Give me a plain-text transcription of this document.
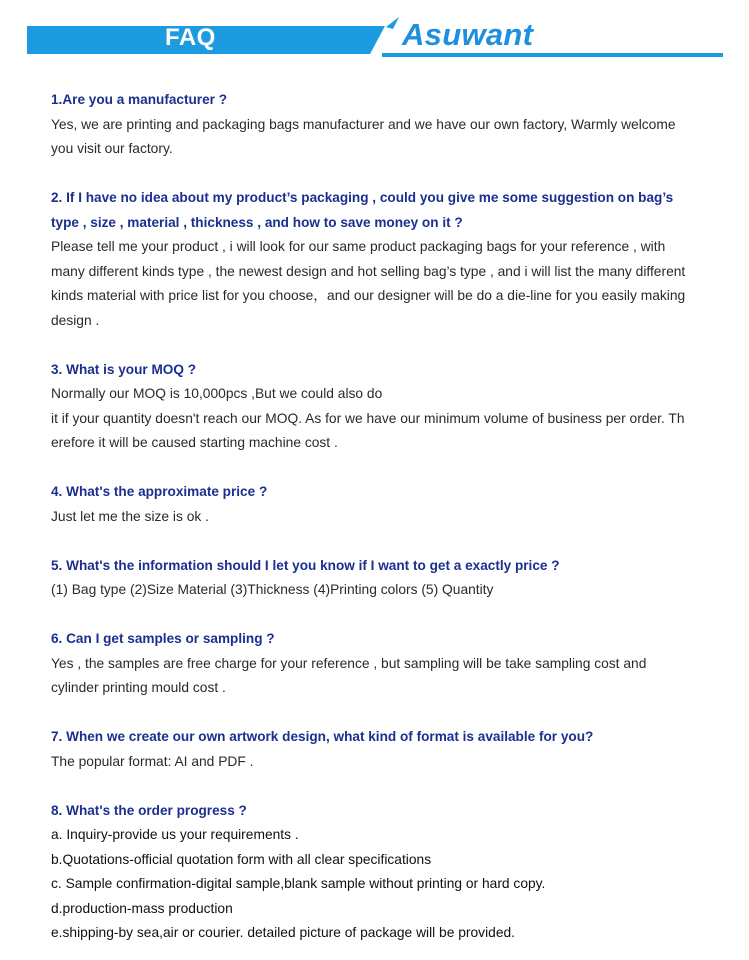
FAQ	Asuwant

1.Are you a manufacturer ?

Yes, we are printing and packaging bags manufacturer and we have our own factory, Warmly welcome

you visit our factory.

2. If I have no idea about my product’s packaging , could you give me some suggestion on bag’s

type , size , material , thickness , and how to save money on it ?

Please tell me your product , i will look for our same product packaging bags for your reference , with

many different kinds type , the newest design and hot selling bag’s type , and i will list the many different

kinds material with price list for you choose，and our designer will be do a die-line for you easily making

design .

3. What is your MOQ ?

Normally our MOQ is 10,000pcs ,But we could also do

it if your quantity doesn't reach our MOQ. As for we have our minimum volume of business per order. Th

erefore it will be caused starting machine cost .

4. What's the approximate price ?

Just let me the size is ok .

5. What's the information should I let you know if I want to get a exactly price ?

(1) Bag type (2)Size Material (3)Thickness (4)Printing colors (5) Quantity

6. Can I get samples or sampling ?

Yes , the samples are free charge for your reference , but sampling will be take sampling cost and

cylinder printing mould cost .

7. When we create our own artwork design, what kind of format is available for you?

The popular format: AI and PDF .

8. What's the order progress ?

a. Inquiry-provide us your requirements .

b.Quotations-official quotation form with all clear specifications

c. Sample confirmation-digital sample,blank sample without printing or hard copy.

d.production-mass production

e.shipping-by sea,air or courier. detailed picture of package will be provided.
